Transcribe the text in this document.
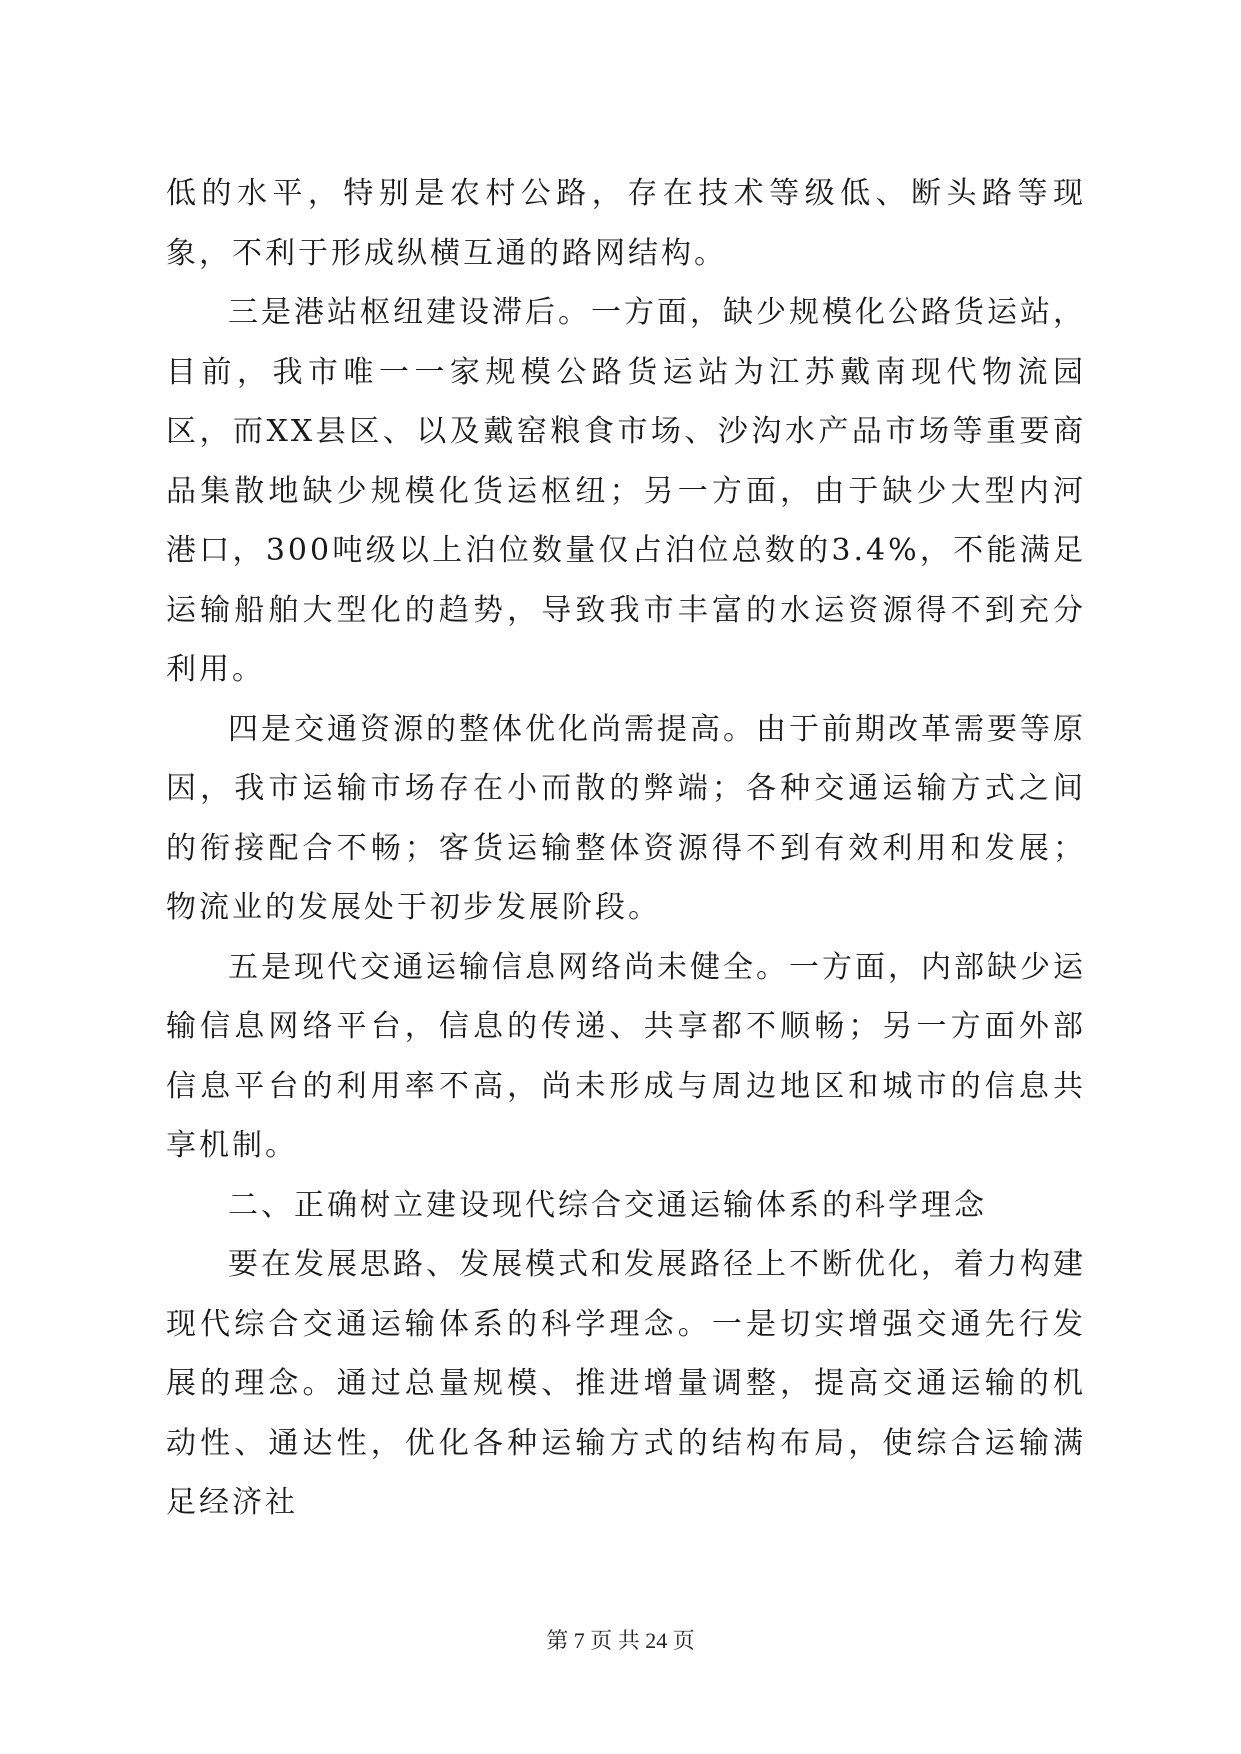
低的水平，特别是农村公路，存在技术等级低、断头路等现象，不利于形成纵横互通的路网结构。

三是港站枢纽建设滞后。一方面，缺少规模化公路货运站，目前，我市唯一一家规模公路货运站为江苏戴南现代物流园区，而XX县区、以及戴窑粮食市场、沙沟水产品市场等重要商品集散地缺少规模化货运枢纽；另一方面，由于缺少大型内河港口，300吨级以上泊位数量仅占泊位总数的3.4%，不能满足运输船舶大型化的趋势，导致我市丰富的水运资源得不到充分利用。

四是交通资源的整体优化尚需提高。由于前期改革需要等原因，我市运输市场存在小而散的弊端；各种交通运输方式之间的衔接配合不畅；客货运输整体资源得不到有效利用和发展；物流业的发展处于初步发展阶段。

五是现代交通运输信息网络尚未健全。一方面，内部缺少运输信息网络平台，信息的传递、共享都不顺畅；另一方面外部信息平台的利用率不高，尚未形成与周边地区和城市的信息共享机制。

二、正确树立建设现代综合交通运输体系的科学理念

要在发展思路、发展模式和发展路径上不断优化，着力构建现代综合交通运输体系的科学理念。一是切实增强交通先行发展的理念。通过总量规模、推进增量调整，提高交通运输的机动性、通达性，优化各种运输方式的结构布局，使综合运输满足经济社

第 7 页 共 24 页
